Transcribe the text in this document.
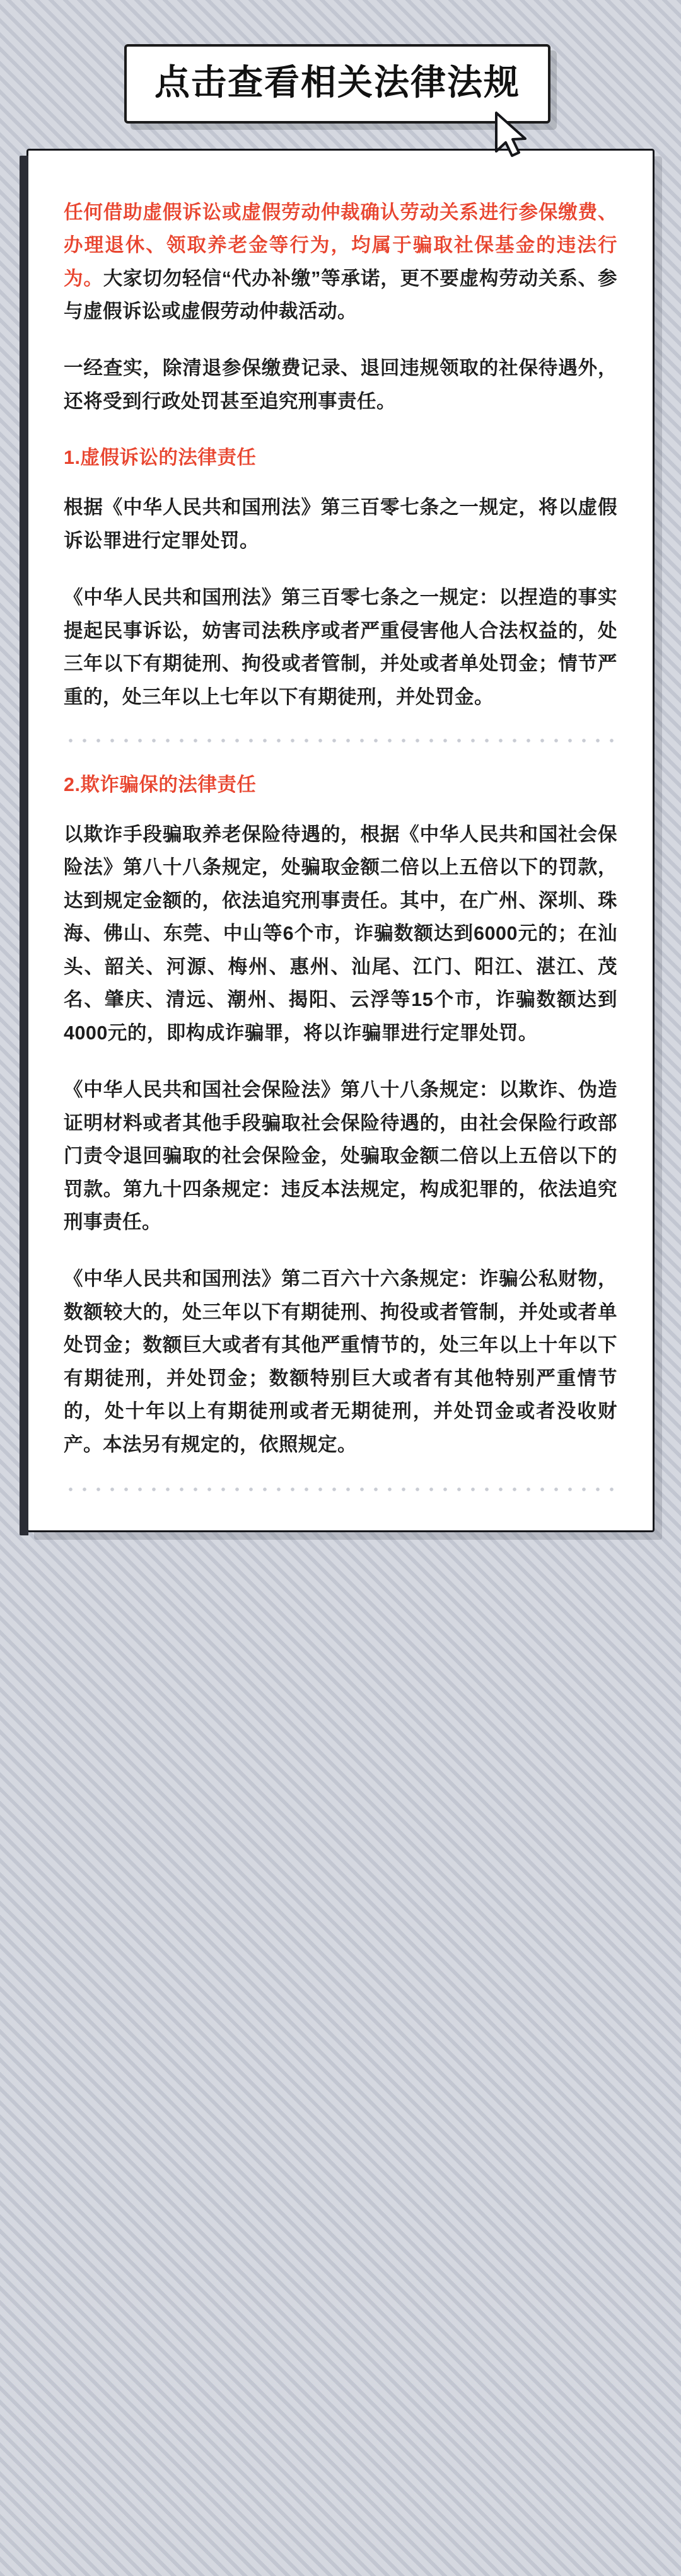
点击查看相关法律法规

任何借助虚假诉讼或虚假劳动仲裁确认劳动关系进行参保缴费、办理退休、领取养老金等行为，均属于骗取社保基金的违法行为。大家切勿轻信“代办补缴”等承诺，更不要虚构劳动关系、参与虚假诉讼或虚假劳动仲裁活动。

一经查实，除清退参保缴费记录、退回违规领取的社保待遇外，还将受到行政处罚甚至追究刑事责任。

1.虚假诉讼的法律责任

根据《中华人民共和国刑法》第三百零七条之一规定，将以虚假诉讼罪进行定罪处罚。

《中华人民共和国刑法》第三百零七条之一规定：以捏造的事实提起民事诉讼，妨害司法秩序或者严重侵害他人合法权益的，处三年以下有期徒刑、拘役或者管制，并处或者单处罚金；情节严重的，处三年以上七年以下有期徒刑，并处罚金。

2.欺诈骗保的法律责任

以欺诈手段骗取养老保险待遇的，根据《中华人民共和国社会保险法》第八十八条规定，处骗取金额二倍以上五倍以下的罚款，达到规定金额的，依法追究刑事责任。其中，在广州、深圳、珠海、佛山、东莞、中山等6个市，诈骗数额达到6000元的；在汕头、韶关、河源、梅州、惠州、汕尾、江门、阳江、湛江、茂名、肇庆、清远、潮州、揭阳、云浮等15个市，诈骗数额达到4000元的，即构成诈骗罪，将以诈骗罪进行定罪处罚。

《中华人民共和国社会保险法》第八十八条规定：以欺诈、伪造证明材料或者其他手段骗取社会保险待遇的，由社会保险行政部门责令退回骗取的社会保险金，处骗取金额二倍以上五倍以下的罚款。第九十四条规定：违反本法规定，构成犯罪的，依法追究刑事责任。

《中华人民共和国刑法》第二百六十六条规定：诈骗公私财物，数额较大的，处三年以下有期徒刑、拘役或者管制，并处或者单处罚金；数额巨大或者有其他严重情节的，处三年以上十年以下有期徒刑，并处罚金；数额特别巨大或者有其他特别严重情节的，处十年以上有期徒刑或者无期徒刑，并处罚金或者没收财产。本法另有规定的，依照规定。
